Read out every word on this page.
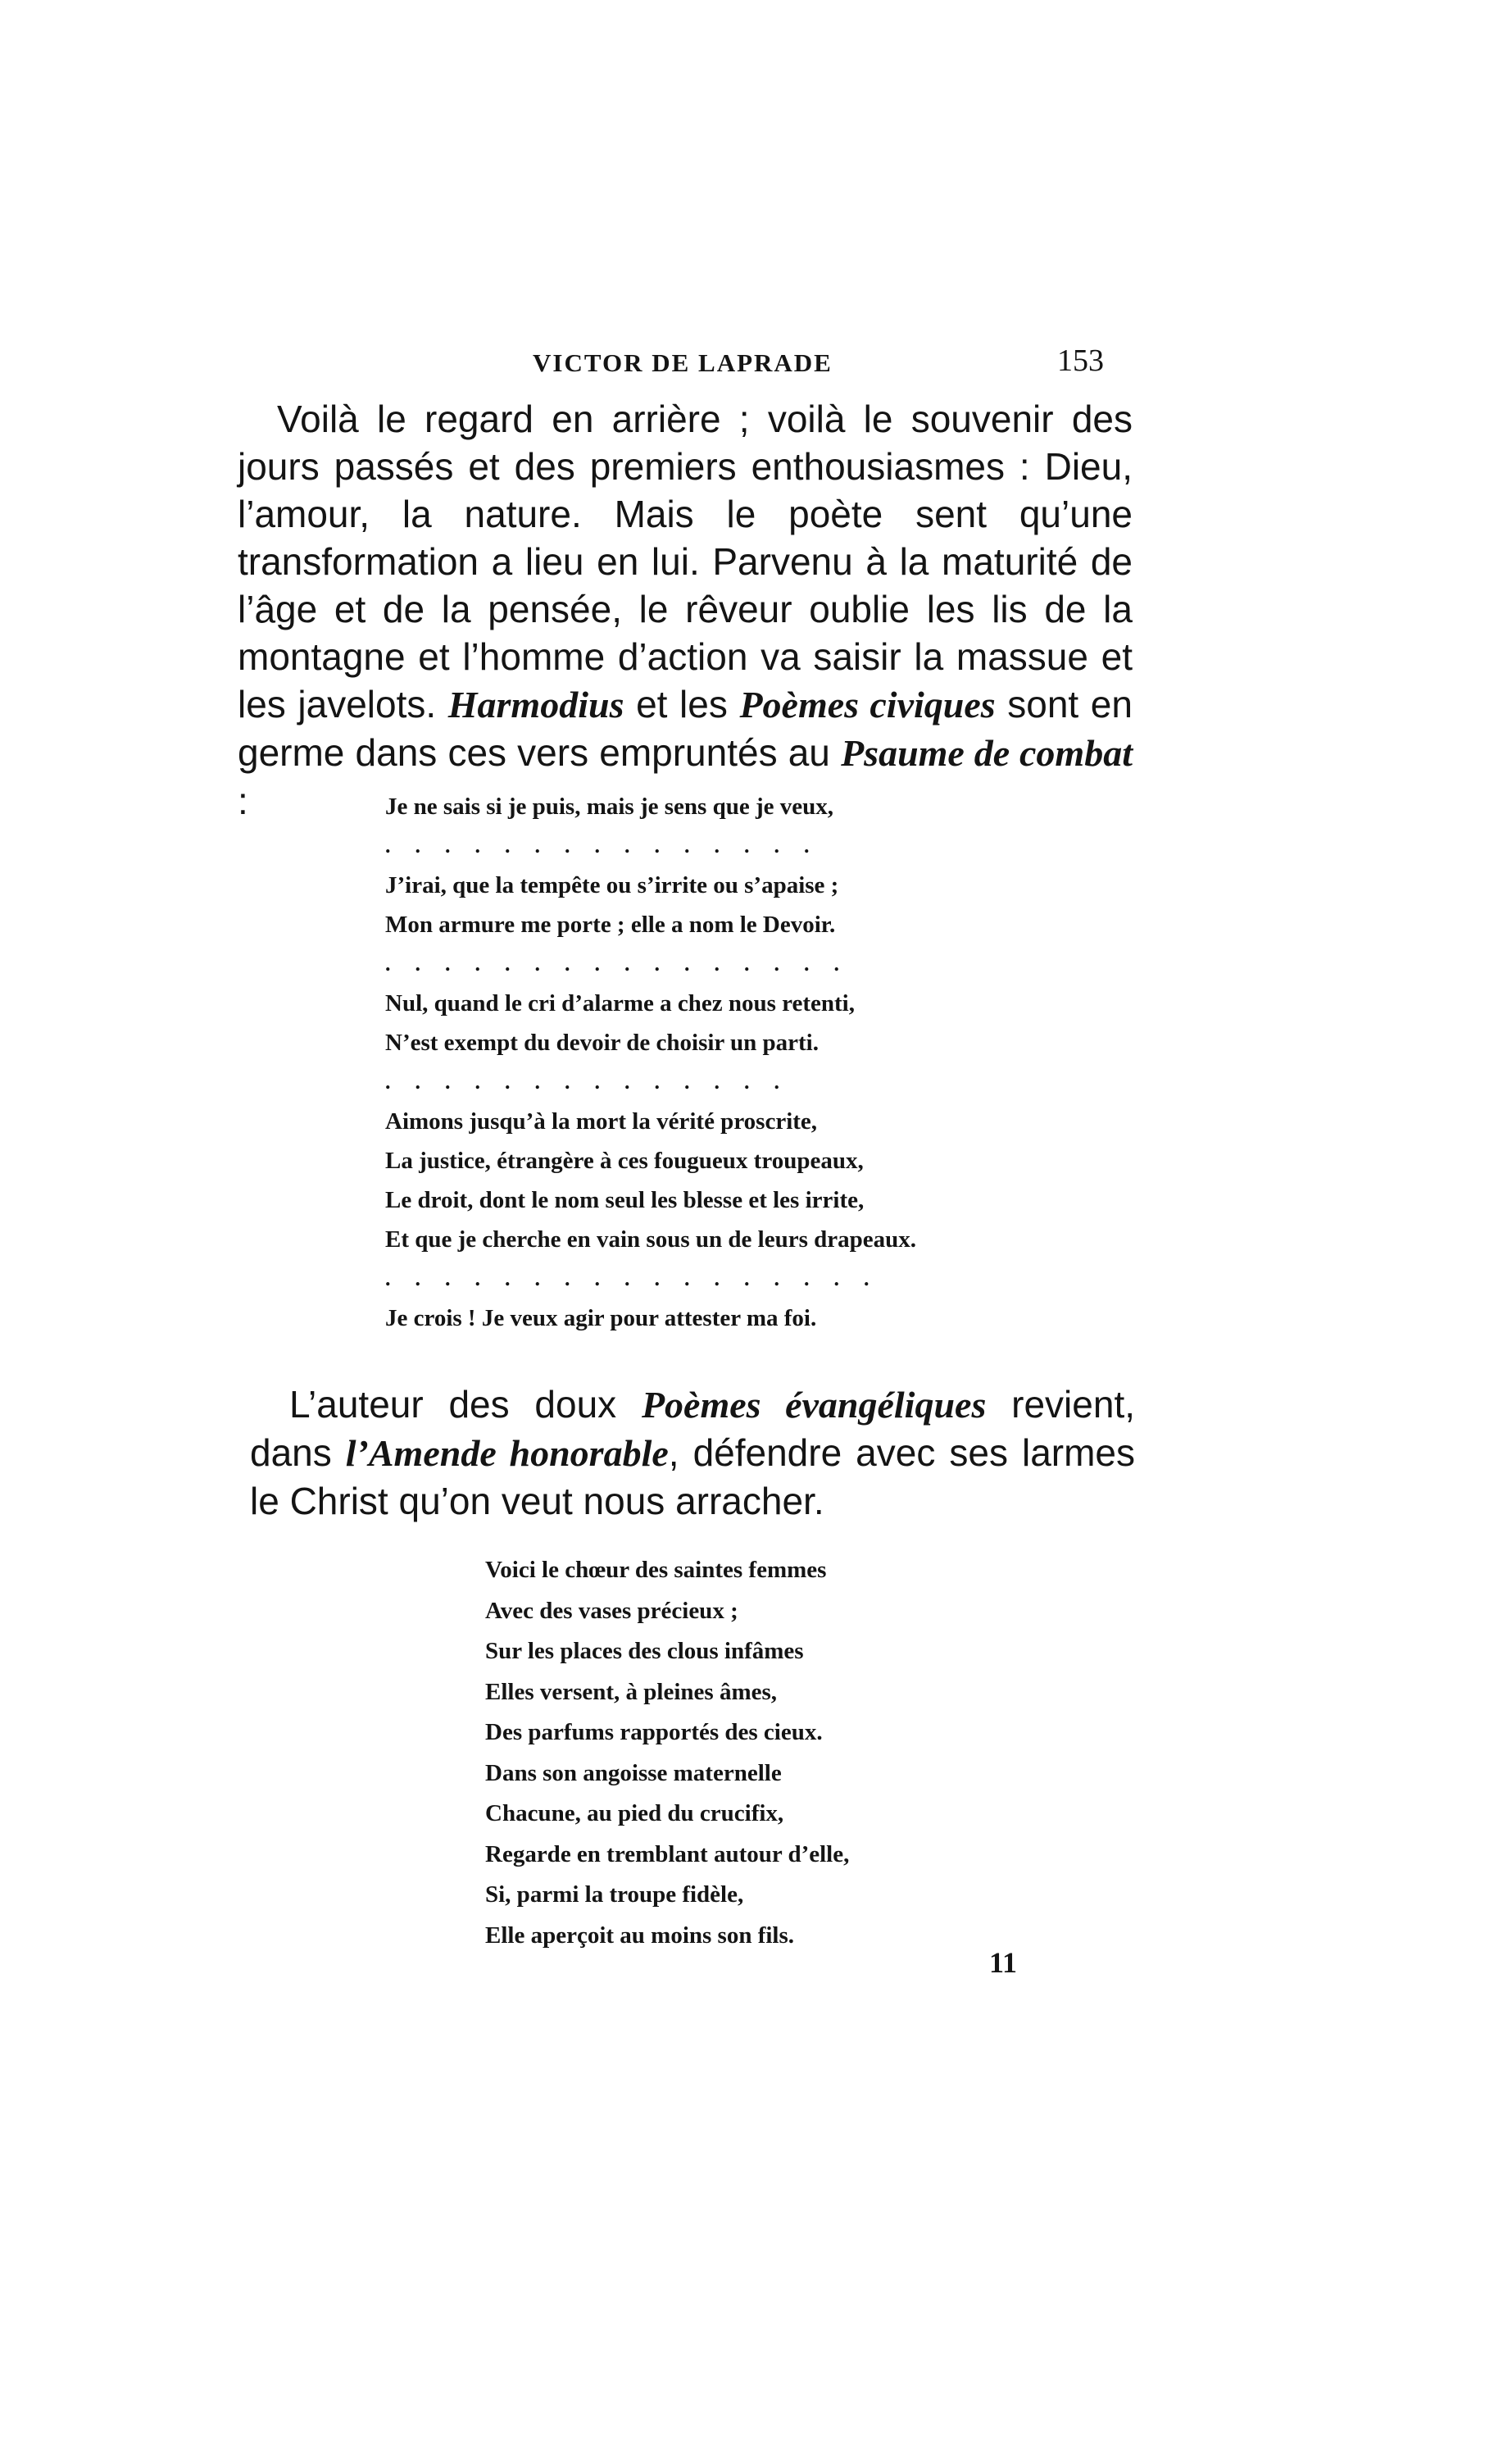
VICTOR DE LAPRADE	153

Voilà le regard en arrière ; voilà le souvenir des jours passés et des premiers enthousiasmes : Dieu, l’amour, la nature. Mais le poète sent qu’une transformation a lieu en lui. Parvenu à la maturité de l’âge et de la pensée, le rêveur oublie les lis de la montagne et l’homme d’action va saisir la massue et les javelots. Harmodius et les Poèmes civiques sont en germe dans ces vers empruntés au Psaume de combat :	Je ne sais si je puis, mais je sens que je veux,
...............
J’irai, que la tempête ou s’irrite ou s’apaise ;
Mon armure me porte ; elle a nom le Devoir.
................
Nul, quand le cri d’alarme a chez nous retenti,
N’est exempt du devoir de choisir un parti.
..............
Aimons jusqu’à la mort la vérité proscrite,
La justice, étrangère à ces fougueux troupeaux,
Le droit, dont le nom seul les blesse et les irrite,
Et que je cherche en vain sous un de leurs drapeaux.
.................
Je crois ! Je veux agir pour attester ma foi.

L’auteur des doux Poèmes évangéliques revient, dans l’Amende honorable, défendre avec ses larmes le Christ qu’on veut nous arracher.

Voici le chœur des saintes femmes
Avec des vases précieux ;
Sur les places des clous infâmes
Elles versent, à pleines âmes,
Des parfums rapportés des cieux.
Dans son angoisse maternelle
Chacune, au pied du crucifix,
Regarde en tremblant autour d’elle,
Si, parmi la troupe fidèle,
Elle aperçoit au moins son fils.
11
